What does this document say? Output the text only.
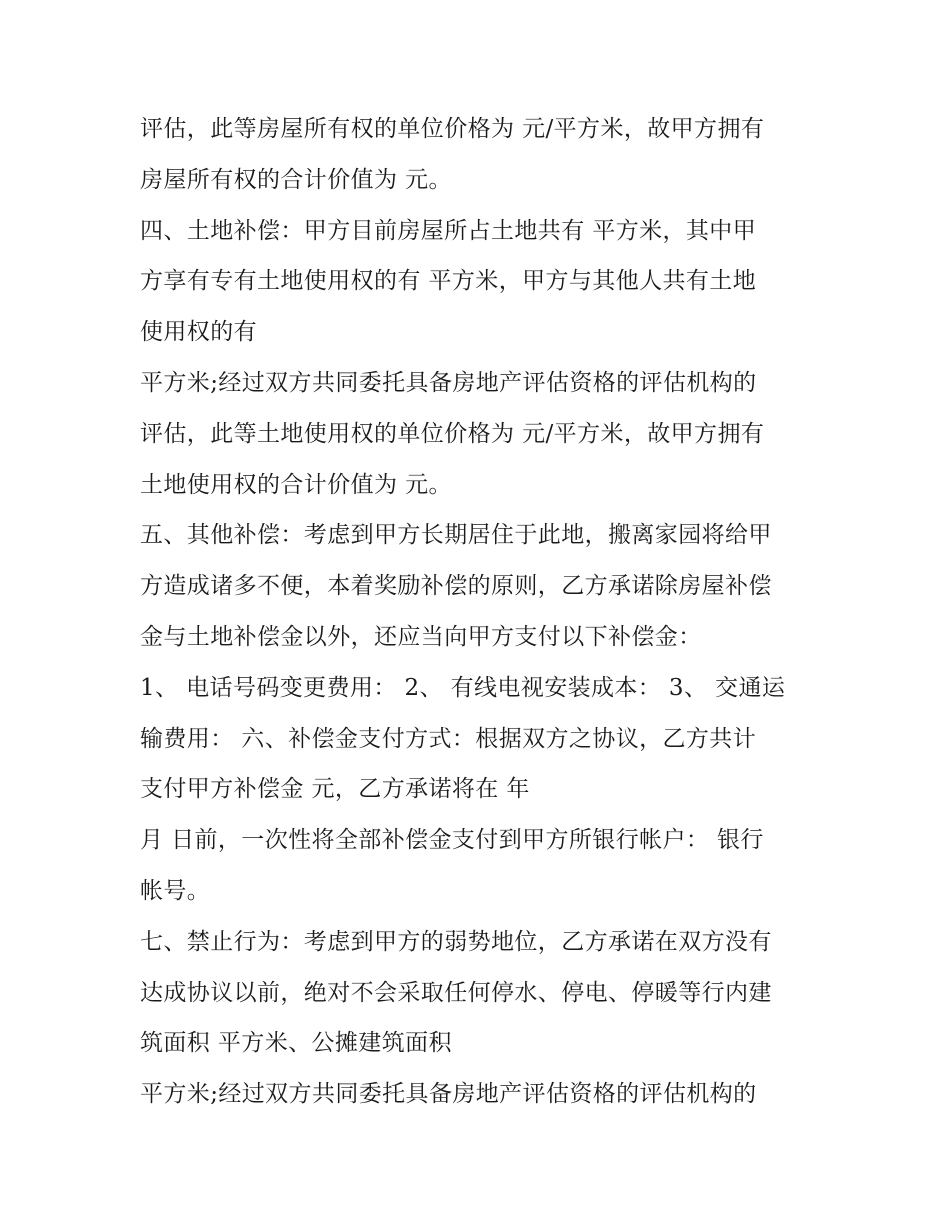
评估，此等房屋所有权的单位价格为 元/平方米，故甲方拥有
房屋所有权的合计价值为 元。
四、土地补偿：甲方目前房屋所占土地共有 平方米，其中甲
方享有专有土地使用权的有 平方米，甲方与其他人共有土地
使用权的有
平方米;经过双方共同委托具备房地产评估资格的评估机构的
评估，此等土地使用权的单位价格为 元/平方米，故甲方拥有
土地使用权的合计价值为 元。
五、其他补偿：考虑到甲方长期居住于此地，搬离家园将给甲
方造成诸多不便，本着奖励补偿的原则，乙方承诺除房屋补偿
金与土地补偿金以外，还应当向甲方支付以下补偿金：
1、 电话号码变更费用： 2、 有线电视安装成本： 3、 交通运
输费用： 六、补偿金支付方式：根据双方之协议，乙方共计
支付甲方补偿金 元，乙方承诺将在 年
月 日前，一次性将全部补偿金支付到甲方所银行帐户： 银行
帐号。
七、禁止行为：考虑到甲方的弱势地位，乙方承诺在双方没有
达成协议以前，绝对不会采取任何停水、停电、停暖等行内建
筑面积 平方米、公摊建筑面积
平方米;经过双方共同委托具备房地产评估资格的评估机构的
